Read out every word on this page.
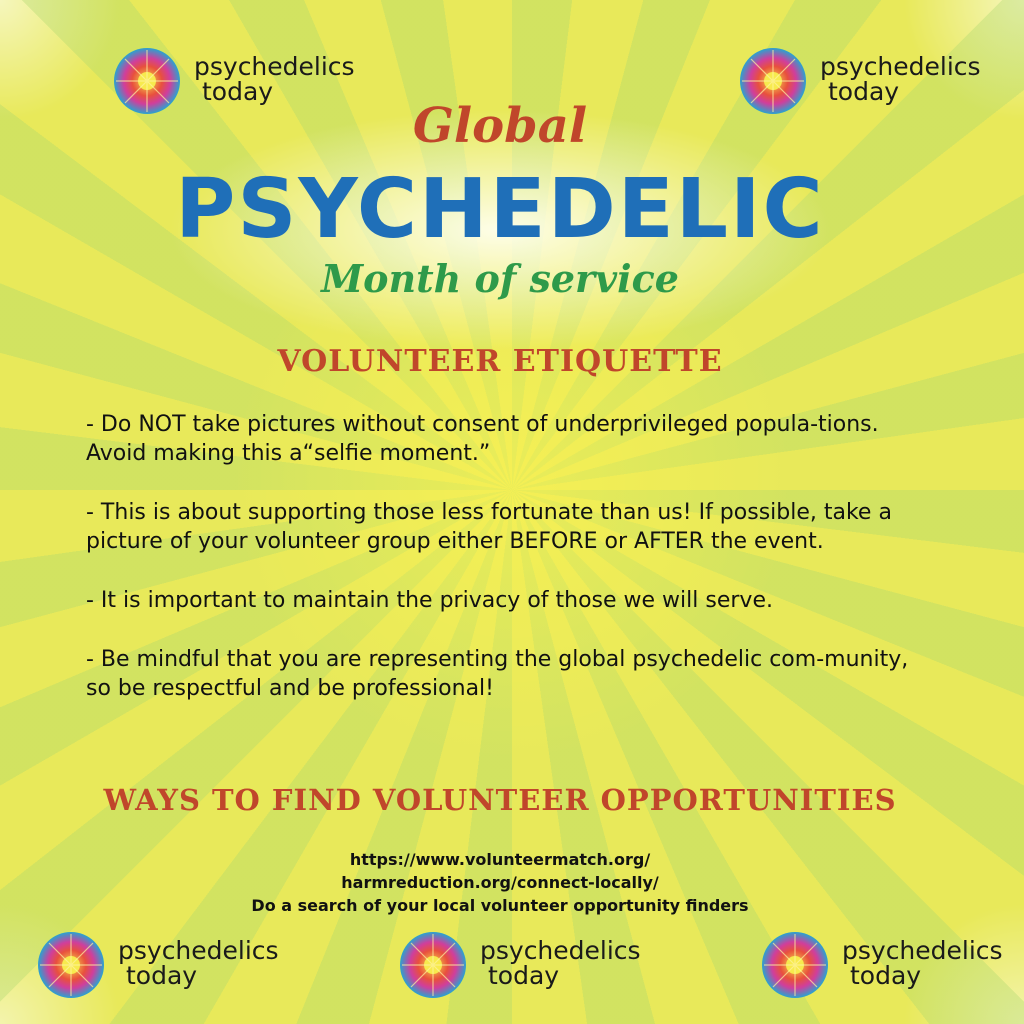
psychedelics
today
psychedelics
today
Global
PSYCHEDELIC
Month of service
VOLUNTEER ETIQUETTE

- Do NOT take pictures without consent of underprivileged popula-tions. Avoid making this a“selfie moment.”

- This is about supporting those less fortunate than us! If possible, take a picture of your volunteer group either BEFORE or AFTER the event.

- It is important to maintain the privacy of those we will serve.

- Be mindful that you are representing the global psychedelic com-munity, so be respectful and be professional!

WAYS TO FIND VOLUNTEER OPPORTUNITIES
https://www.volunteermatch.org/
harmreduction.org/connect-locally/
Do a search of your local volunteer opportunity finders
psychedelics
today
psychedelics
today
psychedelics
today
